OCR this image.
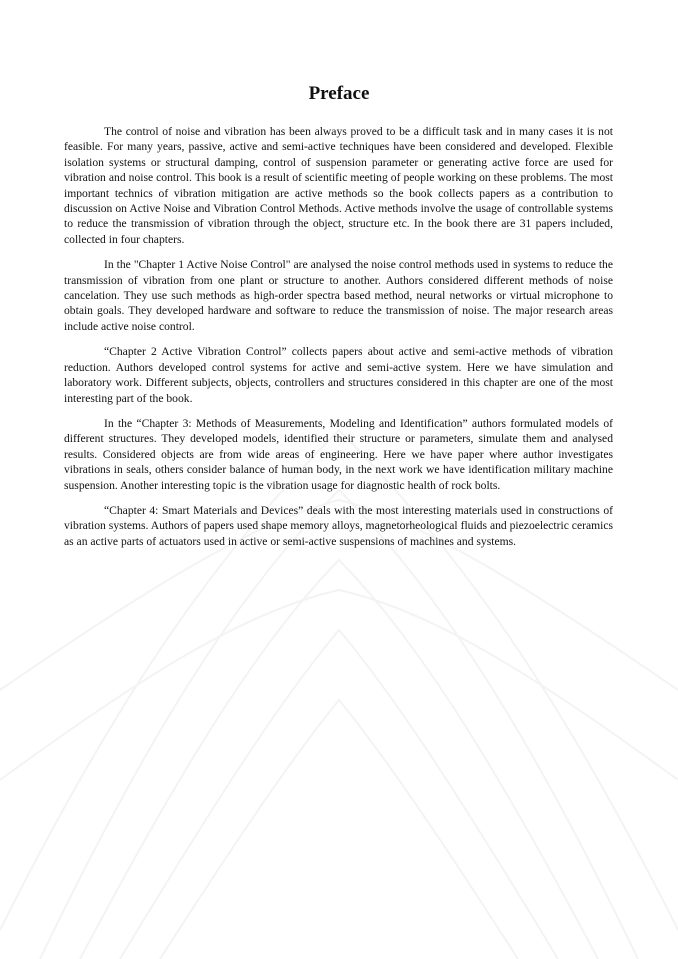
Preface

The control of noise and vibration has been always proved to be a difficult task and in many cases it is not feasible. For many years, passive, active and semi-active techniques have been considered and developed. Flexible isolation systems or structural damping, control of suspension parameter or generating active force are used for vibration and noise control. This book is a result of scientific meeting of people working on these problems. The most important technics of vibration mitigation are active methods so the book collects papers as a contribution to discussion on Active Noise and Vibration Control Methods. Active methods involve the usage of controllable systems to reduce the transmission of vibration through the object, structure etc. In the book there are 31 papers included, collected in four chapters.

In the "Chapter 1 Active Noise Control" are analysed the noise control methods used in systems to reduce the transmission of vibration from one plant or structure to another. Authors considered different methods of noise cancelation. They use such methods as high-order spectra based method, neural networks or virtual microphone to obtain goals. They developed hardware and software to reduce the transmission of noise. The major research areas include active noise control.

“Chapter 2 Active Vibration Control” collects papers about active and semi-active methods of vibration reduction. Authors developed control systems for active and semi-active system. Here we have simulation and laboratory work. Different subjects, objects, controllers and structures considered in this chapter are one of the most interesting part of the book.

In the “Chapter 3: Methods of Measurements, Modeling and Identification” authors formulated models of different structures. They developed models, identified their structure or parameters, simulate them and analysed results. Considered objects are from wide areas of engineering. Here we have paper where author investigates vibrations in seals, others consider balance of human body, in the next work we have identification military machine suspension. Another interesting topic is the vibration usage for diagnostic health of rock bolts.

“Chapter 4: Smart Materials and Devices” deals with the most interesting materials used in constructions of vibration systems. Authors of papers used shape memory alloys, magnetorheological fluids and piezoelectric ceramics as an active parts of actuators used in active or semi-active suspensions of machines and systems.
